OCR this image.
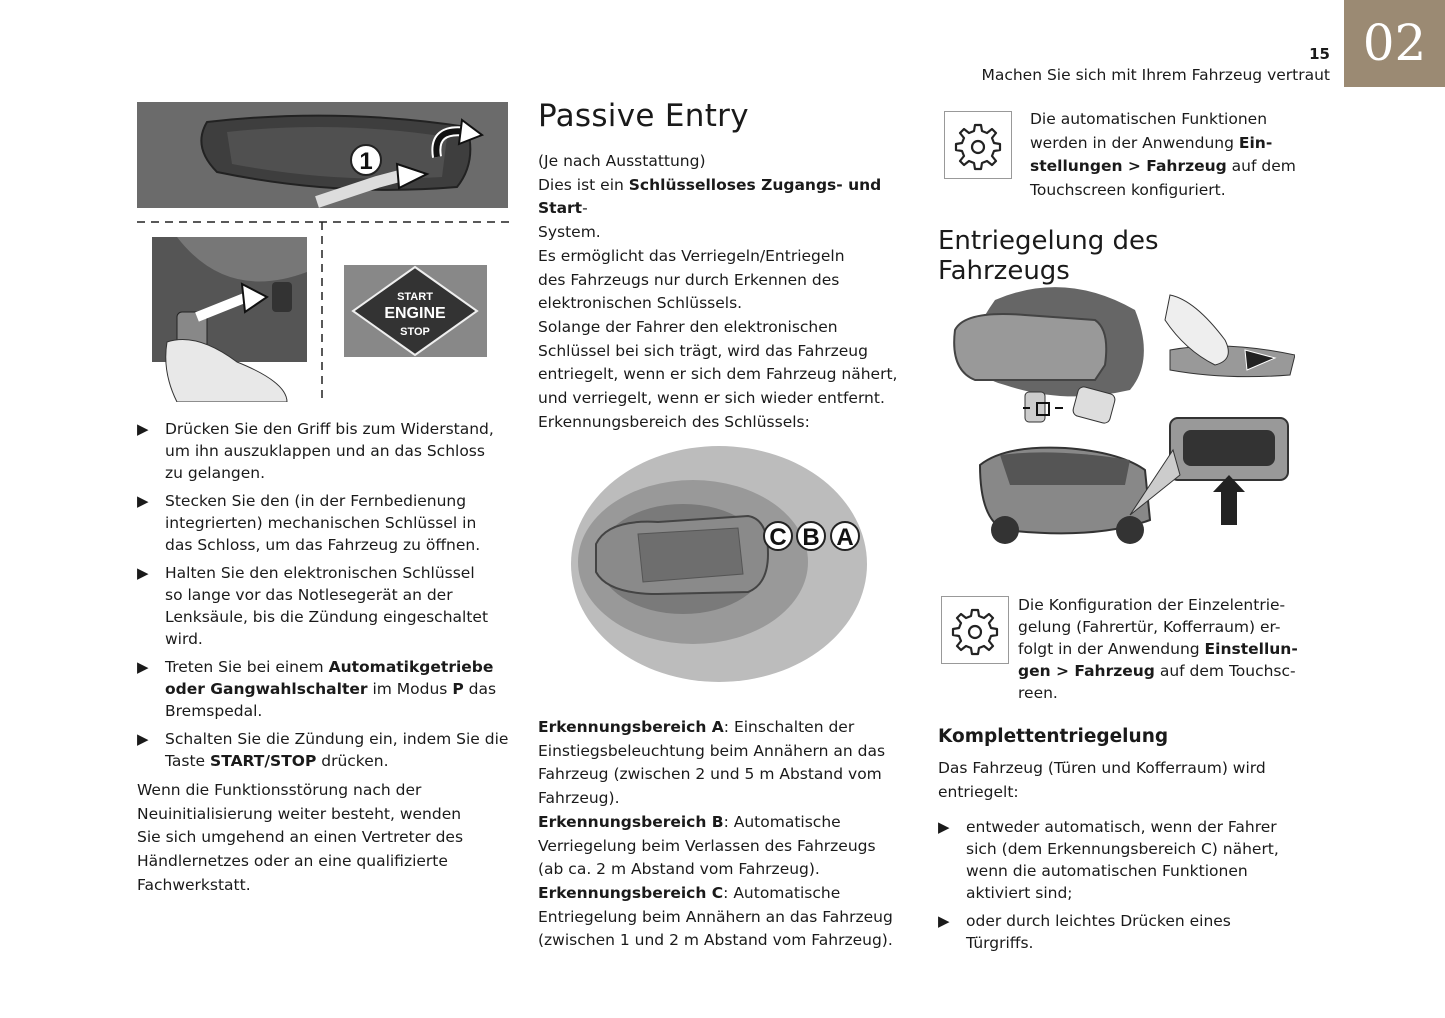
02
15
Machen Sie sich mit Ihrem Fahrzeug vertraut
1
START
ENGINE
STOP
▶	Drücken Sie den Griff bis zum Widerstand,
um ihn auszuklappen und an das Schloss
zu gelangen.
▶	Stecken Sie den (in der Fernbedienung
integrierten) mechanischen Schlüssel in
das Schloss, um das Fahrzeug zu öffnen.
▶	Halten Sie den elektronischen Schlüssel
so lange vor das Notlesegerät an der
Lenksäule, bis die Zündung eingeschaltet
wird.
▶	Treten Sie bei einem Automatikgetriebe
oder Gangwahlschalter im Modus P das
Bremspedal.
▶	Schalten Sie die Zündung ein, indem Sie die
Taste START/STOP drücken.
Wenn die Funktionsstörung nach der
Neuinitialisierung weiter besteht, wenden
Sie sich umgehend an einen Vertreter des
Händlernetzes oder an eine qualifizierte
Fachwerkstatt.
Passive Entry
(Je nach Ausstattung)
Dies ist ein Schlüsselloses Zugangs- und Start-
System.
Es ermöglicht das Verriegeln/Entriegeln
des Fahrzeugs nur durch Erkennen des
elektronischen Schlüssels.
Solange der Fahrer den elektronischen
Schlüssel bei sich trägt, wird das Fahrzeug
entriegelt, wenn er sich dem Fahrzeug nähert,
und verriegelt, wenn er sich wieder entfernt.
Erkennungsbereich des Schlüssels:
C B A
Erkennungsbereich A: Einschalten der
Einstiegsbeleuchtung beim Annähern an das
Fahrzeug (zwischen 2 und 5 m Abstand vom
Fahrzeug).
Erkennungsbereich B: Automatische
Verriegelung beim Verlassen des Fahrzeugs
(ab ca. 2 m Abstand vom Fahrzeug).
Erkennungsbereich C: Automatische
Entriegelung beim Annähern an das Fahrzeug
(zwischen 1 und 2 m Abstand vom Fahrzeug).
Die automatischen Funktionen
werden in der Anwendung Ein-
stellungen > Fahrzeug auf dem
Touchscreen konfiguriert.
Entriegelung des Fahrzeugs
Die Konfiguration der Einzelentrie-
gelung (Fahrertür, Kofferraum) er-
folgt in der Anwendung Einstellun-
gen > Fahrzeug auf dem Touchsc-
reen.
Komplettentriegelung
Das Fahrzeug (Türen und Kofferraum) wird
entriegelt:
▶	entweder automatisch, wenn der Fahrer
sich (dem Erkennungsbereich C) nähert,
wenn die automatischen Funktionen
aktiviert sind;
▶	oder durch leichtes Drücken eines
Türgriffs.
